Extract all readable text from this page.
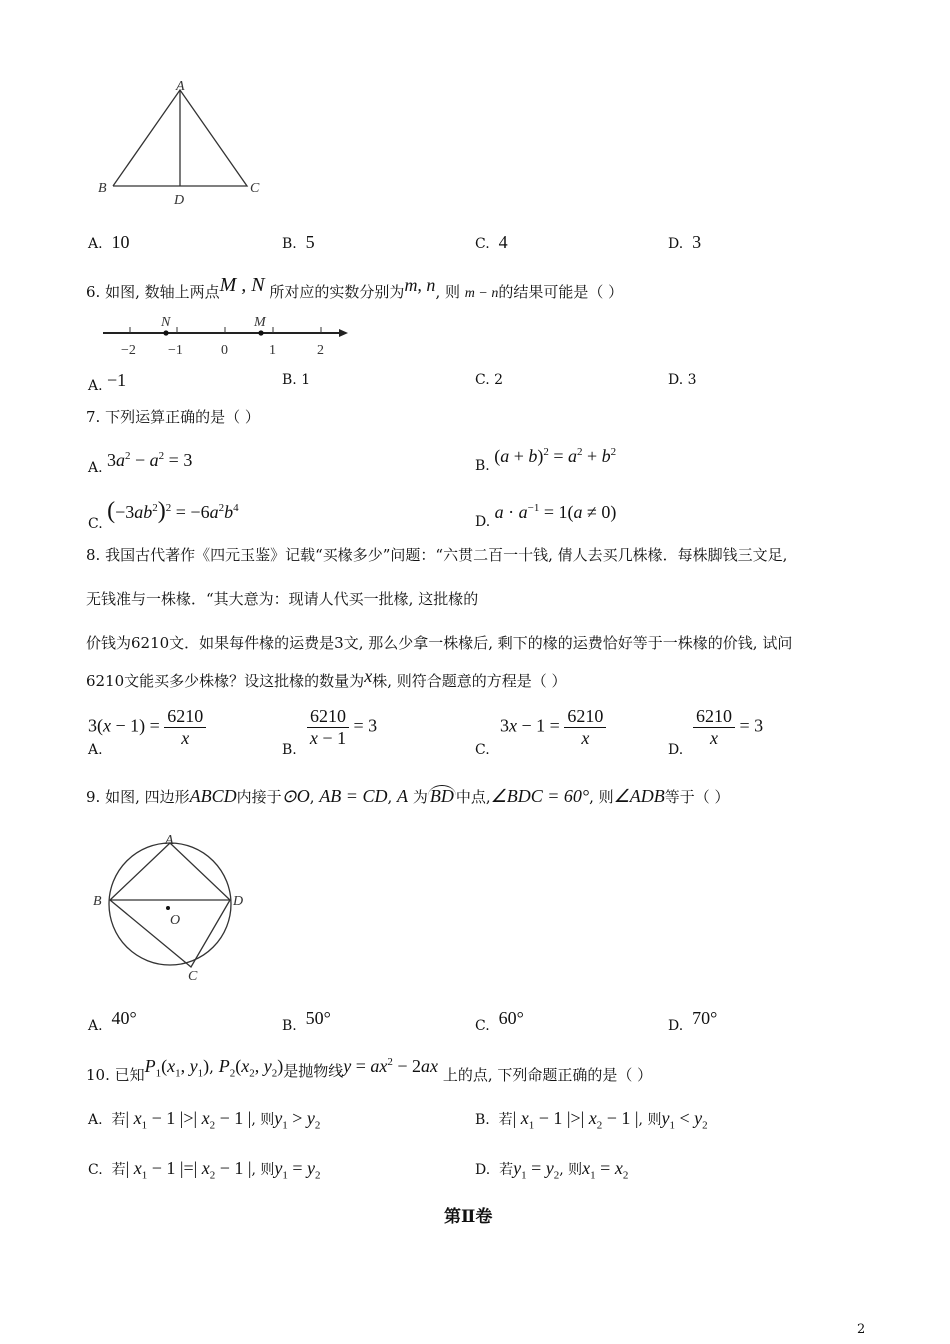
A
B
D
C
A. 10	B. 5	C. 4	D. 3
6. 如图, 数轴上两点M , N 所对应的实数分别为m, n, 则 m − n的结果可能是（ ）
N	M
−2 −1	0	1	2
A. −1	B. 1	C. 2	D. 3
7. 下列运算正确的是（ ）
A. $3a^2 - a^2 = 3$	B. $(a + b)^2 = a^2 + b^2$
C. $(-3ab^2)^2 = -6a^2b^4$
D. $a \cdot a^{-1} = 1(a \ne 0)$
8. 我国古代著作《四元玉鉴》记载“买椽多少”问题：“六贯二百一十钱, 倩人去买几株椽．每株脚钱三文足,
无钱准与一株椽．“其大意为：现请人代买一批椽, 这批椽的
价钱为6210文．如果每件椽的运费是3文, 那么少拿一株椽后, 剩下的椽的运费恰好等于一株椽的价钱, 试问
6210文能买多少株椽？设这批椽的数量为x株, 则符合题意的方程是（ ）
$3(x - 1) = \frac{6210}{x}$
A.
$\frac{6210}{x - 1} = 3$
B.
$3x - 1 = \frac{6210}{x}$
C.
$\frac{6210}{x} = 3$
D.
9. 如图, 四边形ABCD内接于⊙O, AB = CD, A 为 BD 中点,∠BDC = 60°, 则∠ADB等于（ ）
A
B	D
C
O
A. 40°	B. 50°	C. 60°	D. 70°
10. 已知$P_1(x_1$, $y_1$), $P_2(x_2$, $y_2$)是抛物线$y = ax^2 - 2ax$ 上的点, 下列命题正确的是（ ）
A. 若| $x_1 - 1$ |>| $x_2 - 1$ |, 则$y_1 > y_2$	B. 若| $x_1 - 1$ |>| $x_2 - 1$ |, 则$y_1 < y_2$
C. 若| $x_1 - 1$ |=| $x_2 - 1$ |, 则$y_1 = y_2$	D. 若$y_1 = y_2$, 则$x_1 = x_2$
第Ⅱ卷
2
